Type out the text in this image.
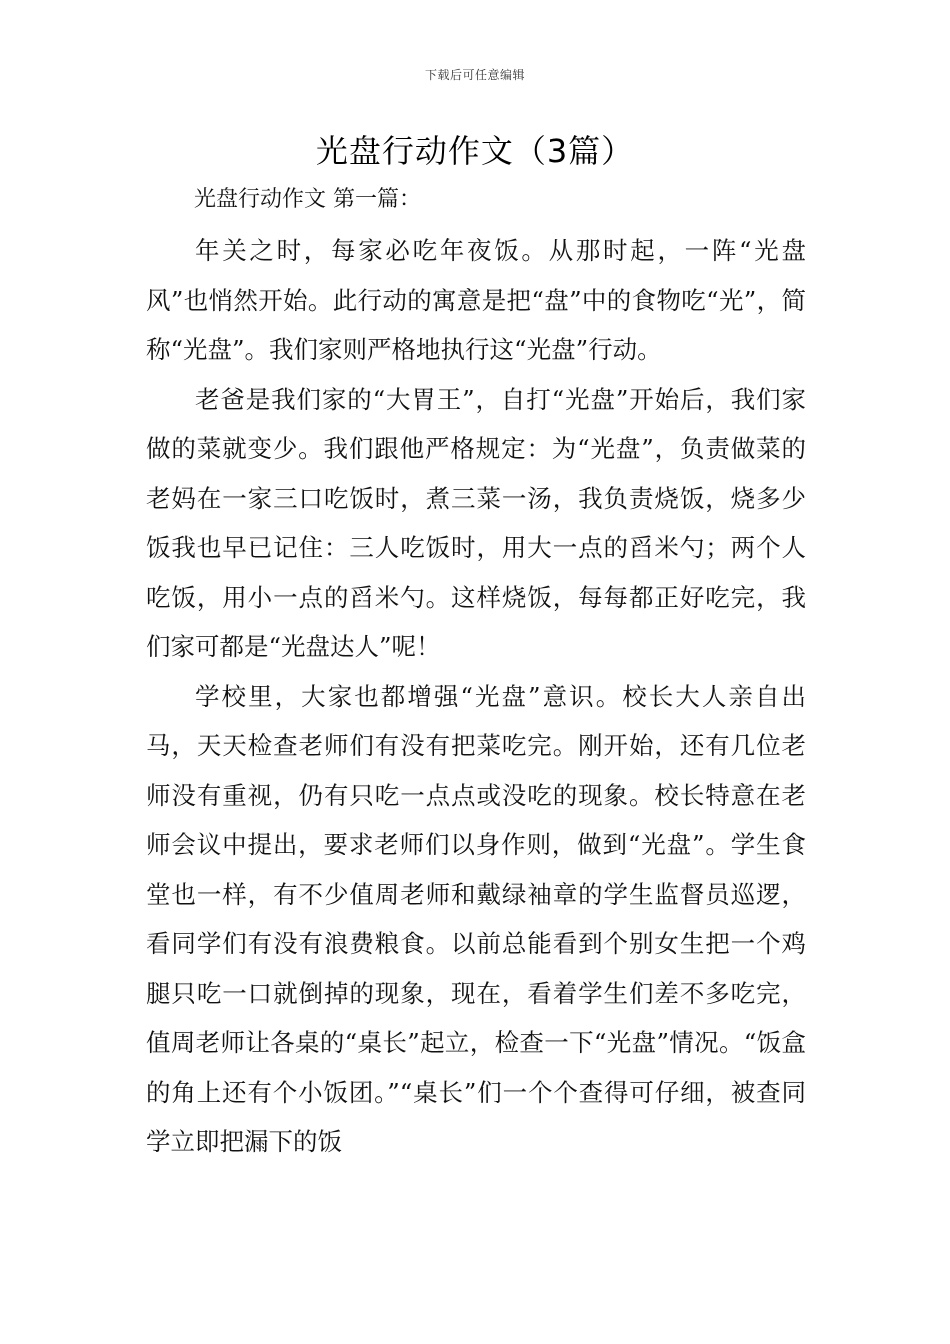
下载后可任意编辑
光盘行动作文（3篇）

光盘行动作文 第一篇：

年关之时，每家必吃年夜饭。从那时起，一阵“光盘风”也悄然开始。此行动的寓意是把“盘”中的食物吃“光”，简称“光盘”。我们家则严格地执行这“光盘”行动。

老爸是我们家的“大胃王”，自打“光盘”开始后，我们家做的菜就变少。我们跟他严格规定：为“光盘”，负责做菜的老妈在一家三口吃饭时，煮三菜一汤，我负责烧饭，烧多少饭我也早已记住：三人吃饭时，用大一点的舀米勺；两个人吃饭，用小一点的舀米勺。这样烧饭，每每都正好吃完，我们家可都是“光盘达人”呢！

学校里，大家也都增强“光盘”意识。校长大人亲自出马，天天检查老师们有没有把菜吃完。刚开始，还有几位老师没有重视，仍有只吃一点点或没吃的现象。校长特意在老师会议中提出，要求老师们以身作则，做到“光盘”。学生食堂也一样，有不少值周老师和戴绿袖章的学生监督员巡逻，看同学们有没有浪费粮食。以前总能看到个别女生把一个鸡腿只吃一口就倒掉的现象，现在，看着学生们差不多吃完，值周老师让各桌的“桌长”起立，检查一下“光盘”情况。“饭盒的角上还有个小饭团。”“桌长”们一个个查得可仔细，被查同学立即把漏下的饭
